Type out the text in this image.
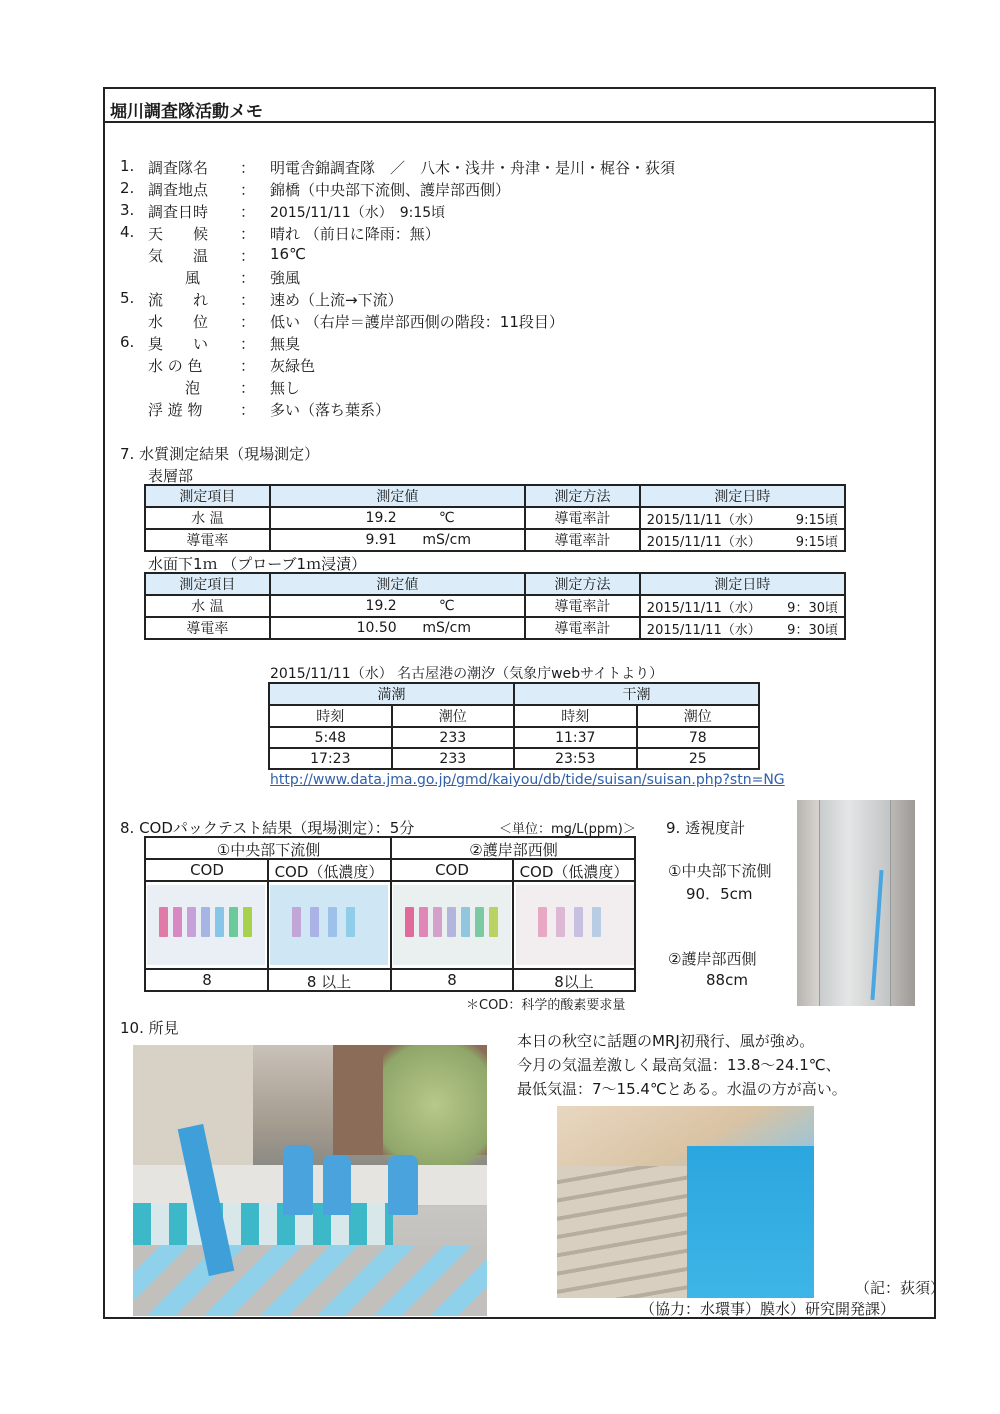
堀川調査隊活動メモ
1. 調査隊名 ： 明電舎錦調査隊　／　八木・浅井・舟津・是川・梶谷・荻須
2. 調査地点 ： 錦橋（中央部下流側、護岸部西側）
3. 調査日時 ： 2015/11/11（水）　9:15頃
4. 天　　候 ： 晴れ （前日に降雨：無）
気　　温 ： 16℃
風	： 強風
5. 流　　れ ： 速め（上流→下流）
水　　位 ： 低い （右岸＝護岸部西側の階段：11段目）
6. 臭　　い ： 無臭
水 の 色 ： 灰緑色
泡	： 無し
浮 遊 物 ： 多い（落ち葉系）
7. 水質測定結果（現場測定）
表層部
測定項目	測定値	測定方法	測定日時
水 温	19.2 ℃	導電率計	2015/11/11（水） 9:15頃

導電率	9.91 mS/cm	導電率計	2015/11/11（水） 9:15頃
水面下1ｍ （プローブ1ｍ浸漬）
測定項目	測定値	測定方法	測定日時
水 温	19.2 ℃	導電率計	2015/11/11（水） 9：30頃

導電率	10.50 mS/cm	導電率計	2015/11/11（水） 9：30頃
2015/11/11（水） 名古屋港の潮汐（気象庁webサイトより）
満潮		干潮	
時刻	潮位	時刻	潮位
5:48	233	11:37	78
17:23	233	23:53	25
http://www.data.jma.go.jp/gmd/kaiyou/db/tide/suisan/suisan.php?stn=NG
8. CODパックテスト結果（現場測定）：5分	＜単位：mg/L(ppm)＞
①中央部下流側	②護岸部西側
COD	COD（低濃度）	COD	COD（低濃度）
8	8 以上	8	8以上
＊COD：科学的酸素要求量
9. 透視度計
①中央部下流側
90．5cm
②護岸部西側
88cm
10. 所見
本日の秋空に話題のMRJ初飛行、風が強め。
今月の気温差激しく最高気温：13.8～24.1℃、
最低気温：7～15.4℃とある。水温の方が高い。
（記：荻須）
（協力：水環事）膜水）研究開発課）
